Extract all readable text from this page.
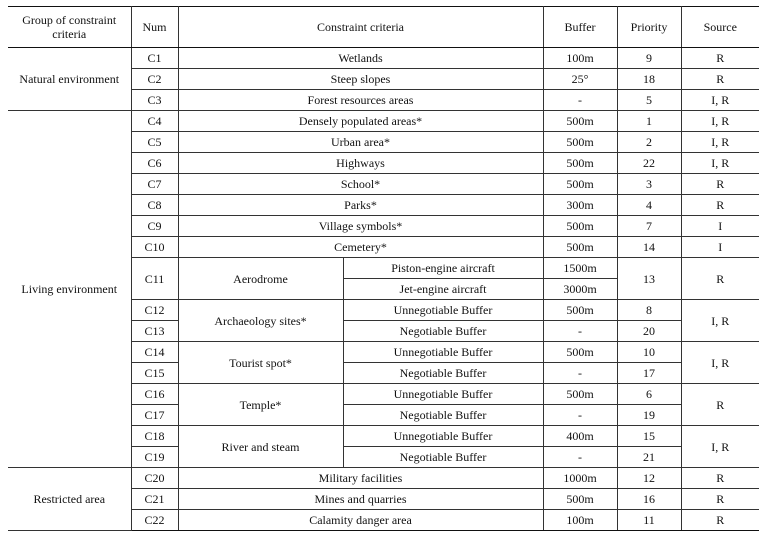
Group of constraint criteria	Num	Constraint criteria		Buffer	Priority	Source
Natural environment	C1	Wetlands		100m	9	R
	C2	Steep slopes		25°	18	R
	C3	Forest resources areas		-	5	I, R
Living environment	C4	Densely populated areas*		500m	1	I, R
	C5	Urban area*		500m	2	I, R
	C6	Highways		500m	22	I, R
	C7	School*		500m	3	R
	C8	Parks*		300m	4	R
	C9	Village symbols*		500m	7	I
	C10	Cemetery*		500m	14	I
	C11	Aerodrome	Piston-engine aircraft	1500m	13	R
			Jet-engine aircraft	3000m		
	C12	Archaeology sites*	Unnegotiable Buffer	500m	8	I, R
	C13		Negotiable Buffer	-	20	
	C14	Tourist spot*	Unnegotiable Buffer	500m	10	I, R
	C15		Negotiable Buffer	-	17	
	C16	Temple*	Unnegotiable Buffer	500m	6	R
	C17		Negotiable Buffer	-	19	
	C18	River and steam	Unnegotiable Buffer	400m	15	I, R
	C19		Negotiable Buffer	-	21	
Restricted area	C20	Military facilities		1000m	12	R
	C21	Mines and quarries		500m	16	R
	C22	Calamity danger area		100m	11	R
